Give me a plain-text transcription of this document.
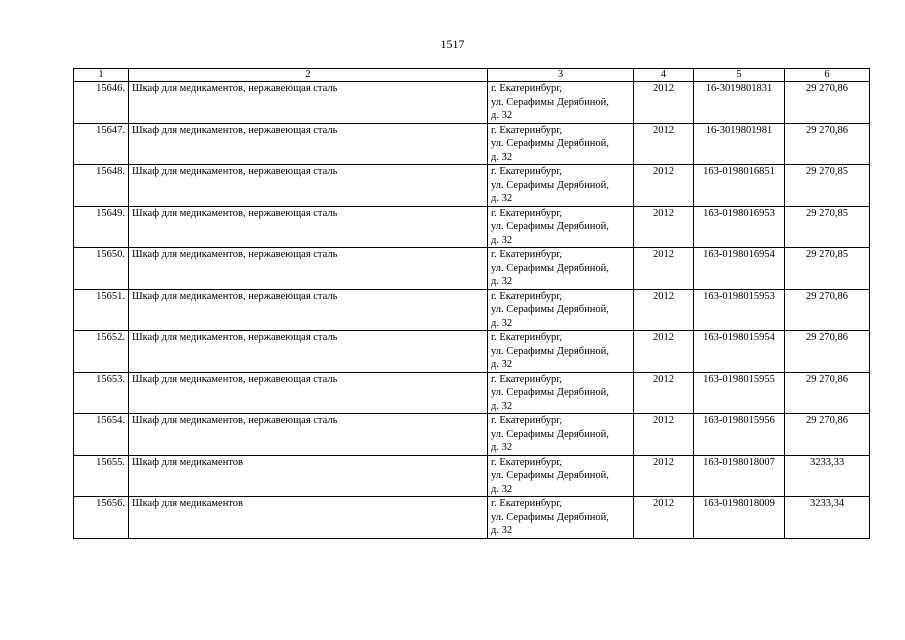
1517
1	2	3	4	5	6
15646.	Шкаф для медикаментов, нержавеющая сталь	г. Екатеринбург,
ул. Серафимы Дерябиной,
д. 32	2012	16-3019801831	29 270,86
15647.	Шкаф для медикаментов, нержавеющая сталь	г. Екатеринбург,
ул. Серафимы Дерябиной,
д. 32	2012	16-3019801981	29 270,86
15648.	Шкаф для медикаментов, нержавеющая сталь	г. Екатеринбург,
ул. Серафимы Дерябиной,
д. 32	2012	163-0198016851	29 270,85
15649.	Шкаф для медикаментов, нержавеющая сталь	г. Екатеринбург,
ул. Серафимы Дерябиной,
д. 32	2012	163-0198016953	29 270,85
15650.	Шкаф для медикаментов, нержавеющая сталь	г. Екатеринбург,
ул. Серафимы Дерябиной,
д. 32	2012	163-0198016954	29 270,85
15651.	Шкаф для медикаментов, нержавеющая сталь	г. Екатеринбург,
ул. Серафимы Дерябиной,
д. 32	2012	163-0198015953	29 270,86
15652.	Шкаф для медикаментов, нержавеющая сталь	г. Екатеринбург,
ул. Серафимы Дерябиной,
д. 32	2012	163-0198015954	29 270,86
15653.	Шкаф для медикаментов, нержавеющая сталь	г. Екатеринбург,
ул. Серафимы Дерябиной,
д. 32	2012	163-0198015955	29 270,86
15654.	Шкаф для медикаментов, нержавеющая сталь	г. Екатеринбург,
ул. Серафимы Дерябиной,
д. 32	2012	163-0198015956	29 270,86
15655.	Шкаф для медикаментов	г. Екатеринбург,
ул. Серафимы Дерябиной,
д. 32	2012	163-0198018007	3233,33
15656.	Шкаф для медикаментов	г. Екатеринбург,
ул. Серафимы Дерябиной,
д. 32	2012	163-0198018009	3233,34
